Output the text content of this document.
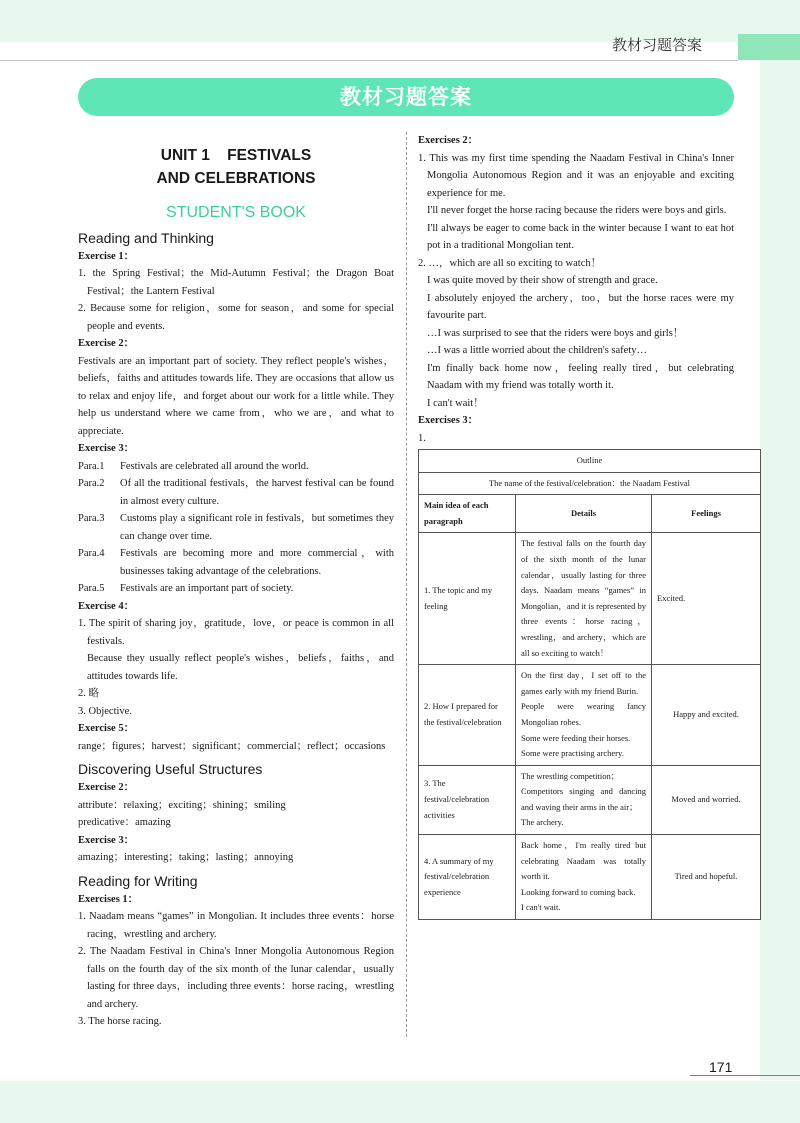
教材习题答案
教材习题答案
UNIT 1    FESTIVALS
AND CELEBRATIONS
STUDENT'S BOOK
Reading and Thinking
Exercise 1：
1. the Spring Festival；the Mid-Autumn Festival；the Dragon Boat Festival；the Lantern Festival
2. Because some for religion，some for season，and some for special people and events.
Exercise 2：
Festivals are an important part of society. They reflect people's wishes，beliefs，faiths and attitudes towards life. They are occasions that allow us to relax and enjoy life，and forget about our work for a little while. They help us understand where we came from，who we are，and what to appreciate.
Exercise 3：
Para.1	Festivals are celebrated all around the world.
Para.2	Of all the traditional festivals，the harvest festival can be found in almost every culture.
Para.3	Customs play a significant role in festivals，but sometimes they can change over time.
Para.4	Festivals are becoming more and more commercial，with businesses taking advantage of the celebrations.
Para.5	Festivals are an important part of society.
Exercise 4：
1. The spirit of sharing joy，gratitude，love，or peace is common in all festivals.
Because they usually reflect people's wishes，beliefs，faiths，and attitudes towards life.
2. 略
3. Objective.
Exercise 5：
range；figures；harvest；significant；commercial；reflect；occasions
Discovering Useful Structures
Exercise 2：
attribute：relaxing；exciting；shining；smiling
predicative：amazing
Exercise 3：
amazing；interesting；taking；lasting；annoying
Reading for Writing
Exercises 1：
1. Naadam means “games” in Mongolian. It includes three events：horse racing，wrestling and archery.
2. The Naadam Festival in China's Inner Mongolia Autonomous Region falls on the fourth day of the six month of the lunar calendar，usually lasting for three days，including three events：horse racing，wrestling and archery.
3. The horse racing.
Exercises 2：
1. This was my first time spending the Naadam Festival in China's Inner Mongolia Autonomous Region and it was an enjoyable and exciting experience for me.
I'll never forget the horse racing because the riders were boys and girls.
I'll always be eager to come back in the winter because I want to eat hot pot in a traditional Mongolian tent.
2. …，which are all so exciting to watch！
I was quite moved by their show of strength and grace.
I absolutely enjoyed the archery，too，but the horse races were my favourite part.
…I was surprised to see that the riders were boys and girls！
…I was a little worried about the children's safety…
I'm finally back home now，feeling really tired，but celebrating Naadam with my friend was totally worth it.
I can't wait！
Exercises 3：
1.
Outline		
The name of the festival/celebration：the Naadam Festival		
Main idea of each paragraph	Details	Feelings
1. The topic and my feeling	The festival falls on the fourth day of the sixth month of the lunar calendar，usually lasting for three days. Naadam means “games” in Mongolian，and it is represented by three events：horse racing，wrestling，and archery，which are all so exciting to watch！	Excited.
2. How I prepared for the festival/celebration	On the first day，I set off to the games early with my friend Burin.
People were wearing fancy Mongolian robes.
Some were feeding their horses.
Some were practising archery.	Happy and excited.
3. The festival/celebration activities	The wrestling competition；
Competitors singing and dancing and waving their arms in the air；
The archery.	Moved and worried.
4. A summary of my festival/celebration experience	Back home，I'm really tired but celebrating Naadam was totally worth it.
Looking forward to coming back.
I can't wait.	Tired and hopeful.
171
